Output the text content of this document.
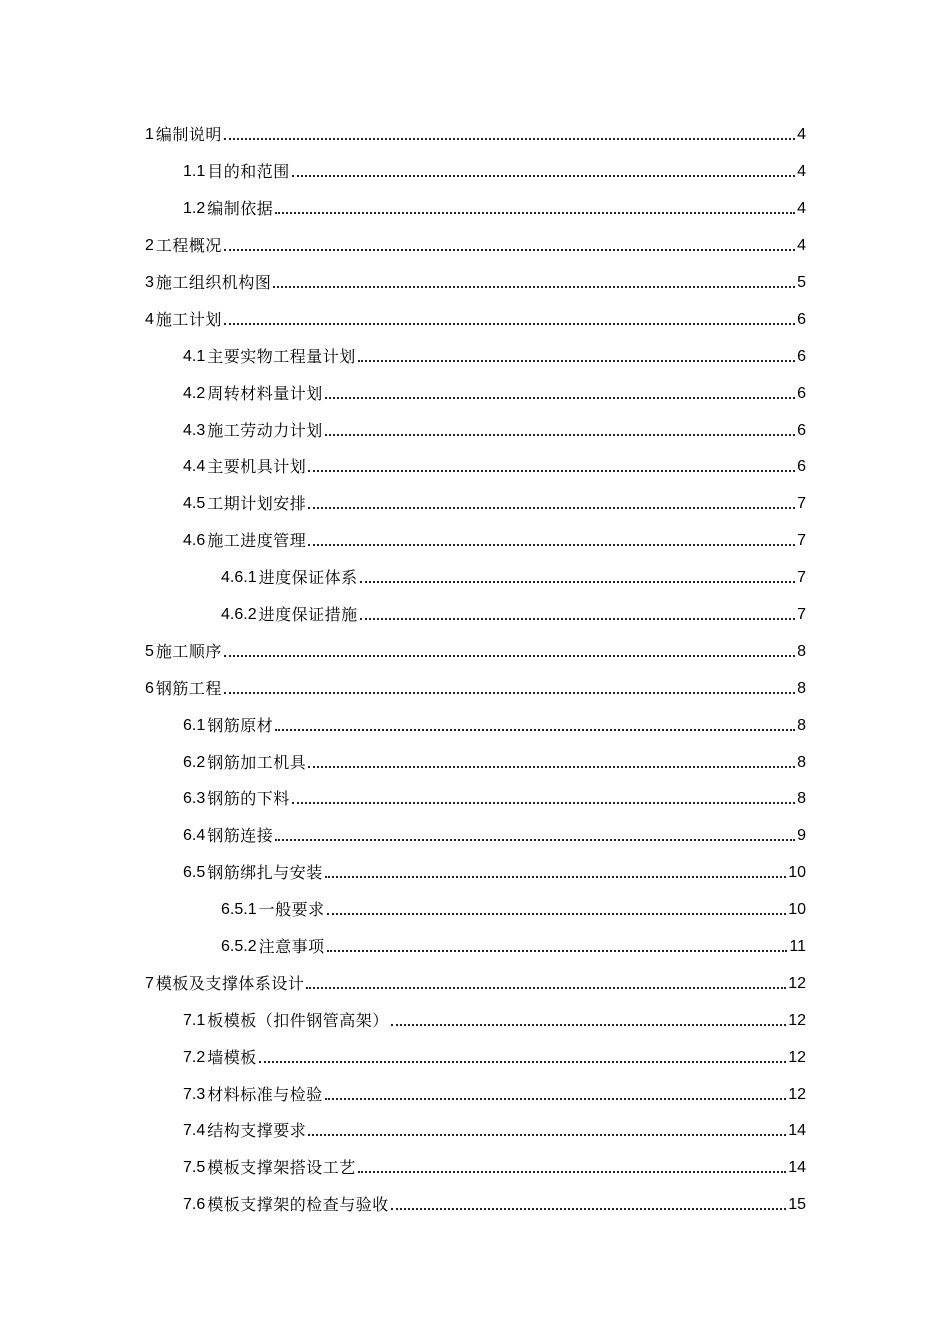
1 编制说明	4
1.1 目的和范围	4
1.2 编制依据	4
2 工程概况	4
3 施工组织机构图	5
4 施工计划	6
4.1 主要实物工程量计划	6
4.2 周转材料量计划	6
4.3 施工劳动力计划	6
4.4 主要机具计划	6
4.5 工期计划安排	7
4.6 施工进度管理	7
4.6.1 进度保证体系	7
4.6.2 进度保证措施	7
5 施工顺序	8
6 钢筋工程	8
6.1 钢筋原材	8
6.2 钢筋加工机具	8
6.3 钢筋的下料	8
6.4 钢筋连接	9
6.5 钢筋绑扎与安装	10
6.5.1 一般要求	10
6.5.2 注意事项	11
7 模板及支撑体系设计	12
7.1 板模板（扣件钢管高架）	12
7.2 墙模板	12
7.3 材料标准与检验	12
7.4 结构支撑要求	14
7.5 模板支撑架搭设工艺	14
7.6 模板支撑架的检查与验收	15
